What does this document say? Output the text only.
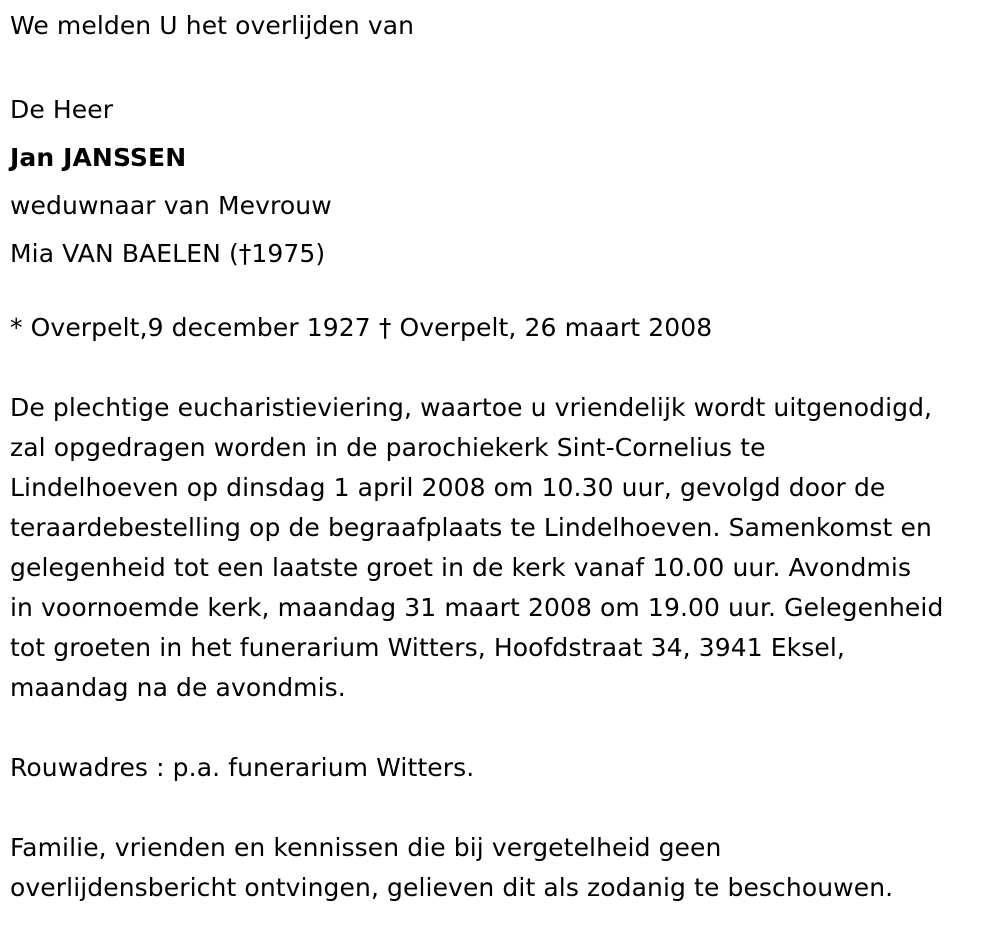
We melden U het overlijden van

De Heer

Jan JANSSEN

weduwnaar van Mevrouw

Mia VAN BAELEN (†1975)

* Overpelt,9 december 1927 † Overpelt, 26 maart 2008

De plechtige eucharistieviering, waartoe u vriendelijk wordt uitgenodigd,
zal opgedragen worden in de parochiekerk Sint-Cornelius te
Lindelhoeven op dinsdag 1 april 2008 om 10.30 uur, gevolgd door de
teraardebestelling op de begraafplaats te Lindelhoeven. Samenkomst en
gelegenheid tot een laatste groet in de kerk vanaf 10.00 uur. Avondmis
in voornoemde kerk, maandag 31 maart 2008 om 19.00 uur. Gelegenheid
tot groeten in het funerarium Witters, Hoofdstraat 34, 3941 Eksel,
maandag na de avondmis.

Rouwadres : p.a. funerarium Witters.

Familie, vrienden en kennissen die bij vergetelheid geen
overlijdensbericht ontvingen, gelieven dit als zodanig te beschouwen.
